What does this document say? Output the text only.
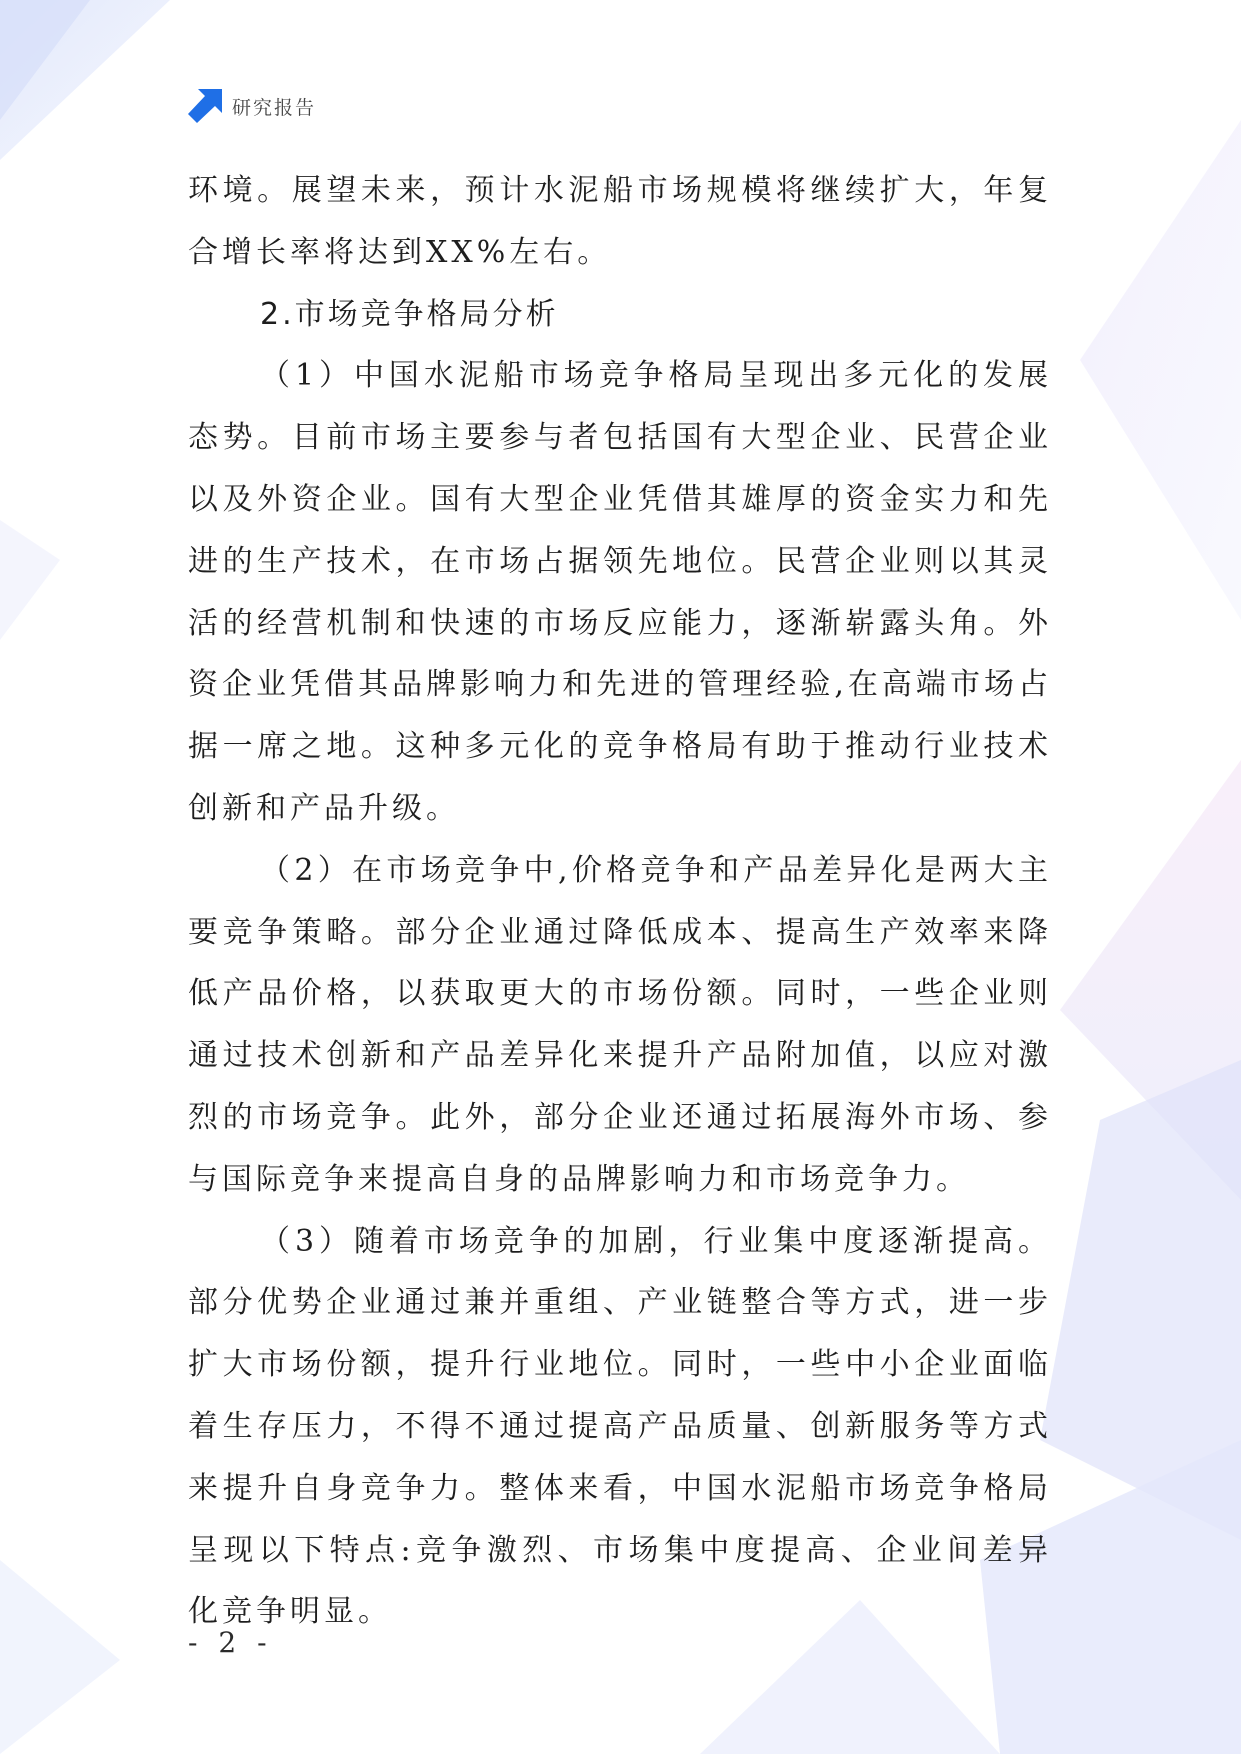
研究报告

环境。展望未来，预计水泥船市场规模将继续扩大，年复合增长率将达到XX%左右。

2.市场竞争格局分析

（1）中国水泥船市场竞争格局呈现出多元化的发展态势。目前市场主要参与者包括国有大型企业、民营企业以及外资企业。国有大型企业凭借其雄厚的资金实力和先进的生产技术，在市场占据领先地位。民营企业则以其灵活的经营机制和快速的市场反应能力，逐渐崭露头角。外资企业凭借其品牌影响力和先进的管理经验,在高端市场占据一席之地。这种多元化的竞争格局有助于推动行业技术创新和产品升级。

（2）在市场竞争中,价格竞争和产品差异化是两大主要竞争策略。部分企业通过降低成本、提高生产效率来降低产品价格，以获取更大的市场份额。同时，一些企业则通过技术创新和产品差异化来提升产品附加值，以应对激烈的市场竞争。此外，部分企业还通过拓展海外市场、参与国际竞争来提高自身的品牌影响力和市场竞争力。

（3）随着市场竞争的加剧，行业集中度逐渐提高。部分优势企业通过兼并重组、产业链整合等方式，进一步扩大市场份额，提升行业地位。同时，一些中小企业面临着生存压力，不得不通过提高产品质量、创新服务等方式来提升自身竞争力。整体来看，中国水泥船市场竞争格局呈现以下特点:竞争激烈、市场集中度提高、企业间差异化竞争明显。

- 2 -
